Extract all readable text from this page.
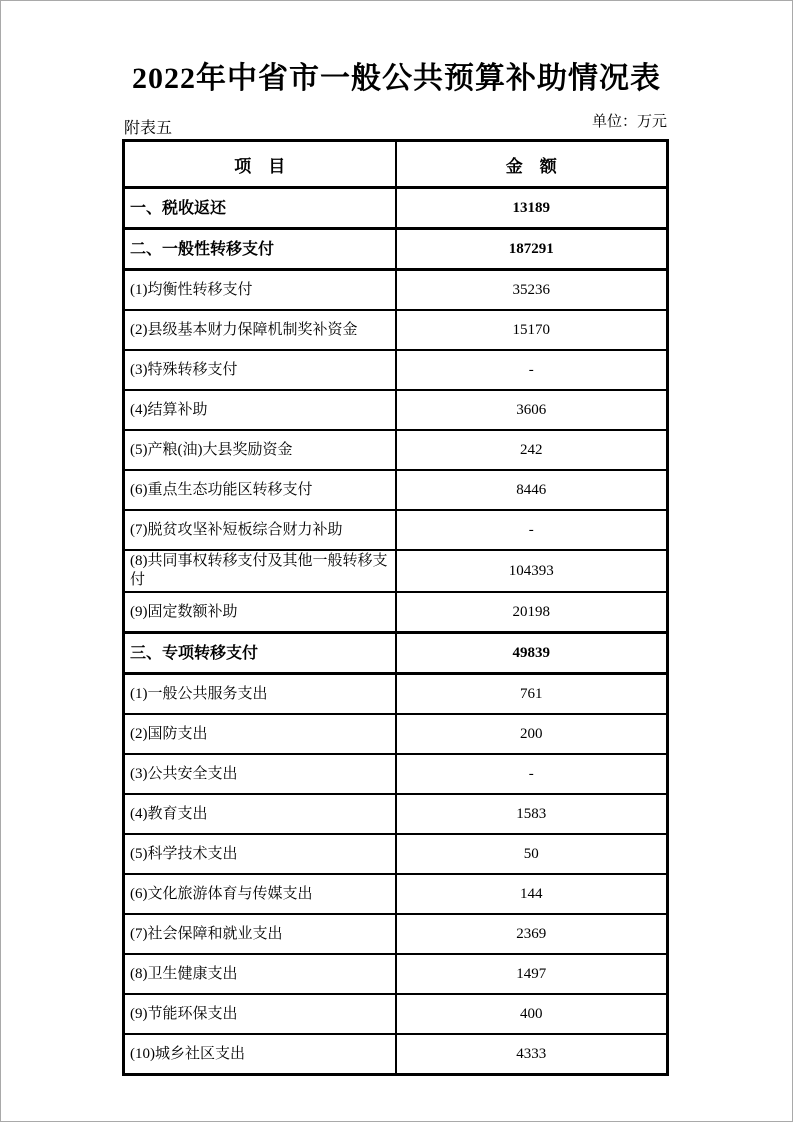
2022年中省市一般公共预算补助情况表
附表五	单位：万元
项　目	金　额
一、税收返还	13189
二、一般性转移支付	187291
(1)均衡性转移支付	35236
(2)县级基本财力保障机制奖补资金	15170
(3)特殊转移支付	-
(4)结算补助	3606
(5)产粮(油)大县奖励资金	242
(6)重点生态功能区转移支付	8446
(7)脱贫攻坚补短板综合财力补助	-
(8)共同事权转移支付及其他一般转移支付	104393
(9)固定数额补助	20198
三、专项转移支付	49839
(1)一般公共服务支出	761
(2)国防支出	200
(3)公共安全支出	-
(4)教育支出	1583
(5)科学技术支出	50
(6)文化旅游体育与传媒支出	144
(7)社会保障和就业支出	2369
(8)卫生健康支出	1497
(9)节能环保支出	400
(10)城乡社区支出	4333
